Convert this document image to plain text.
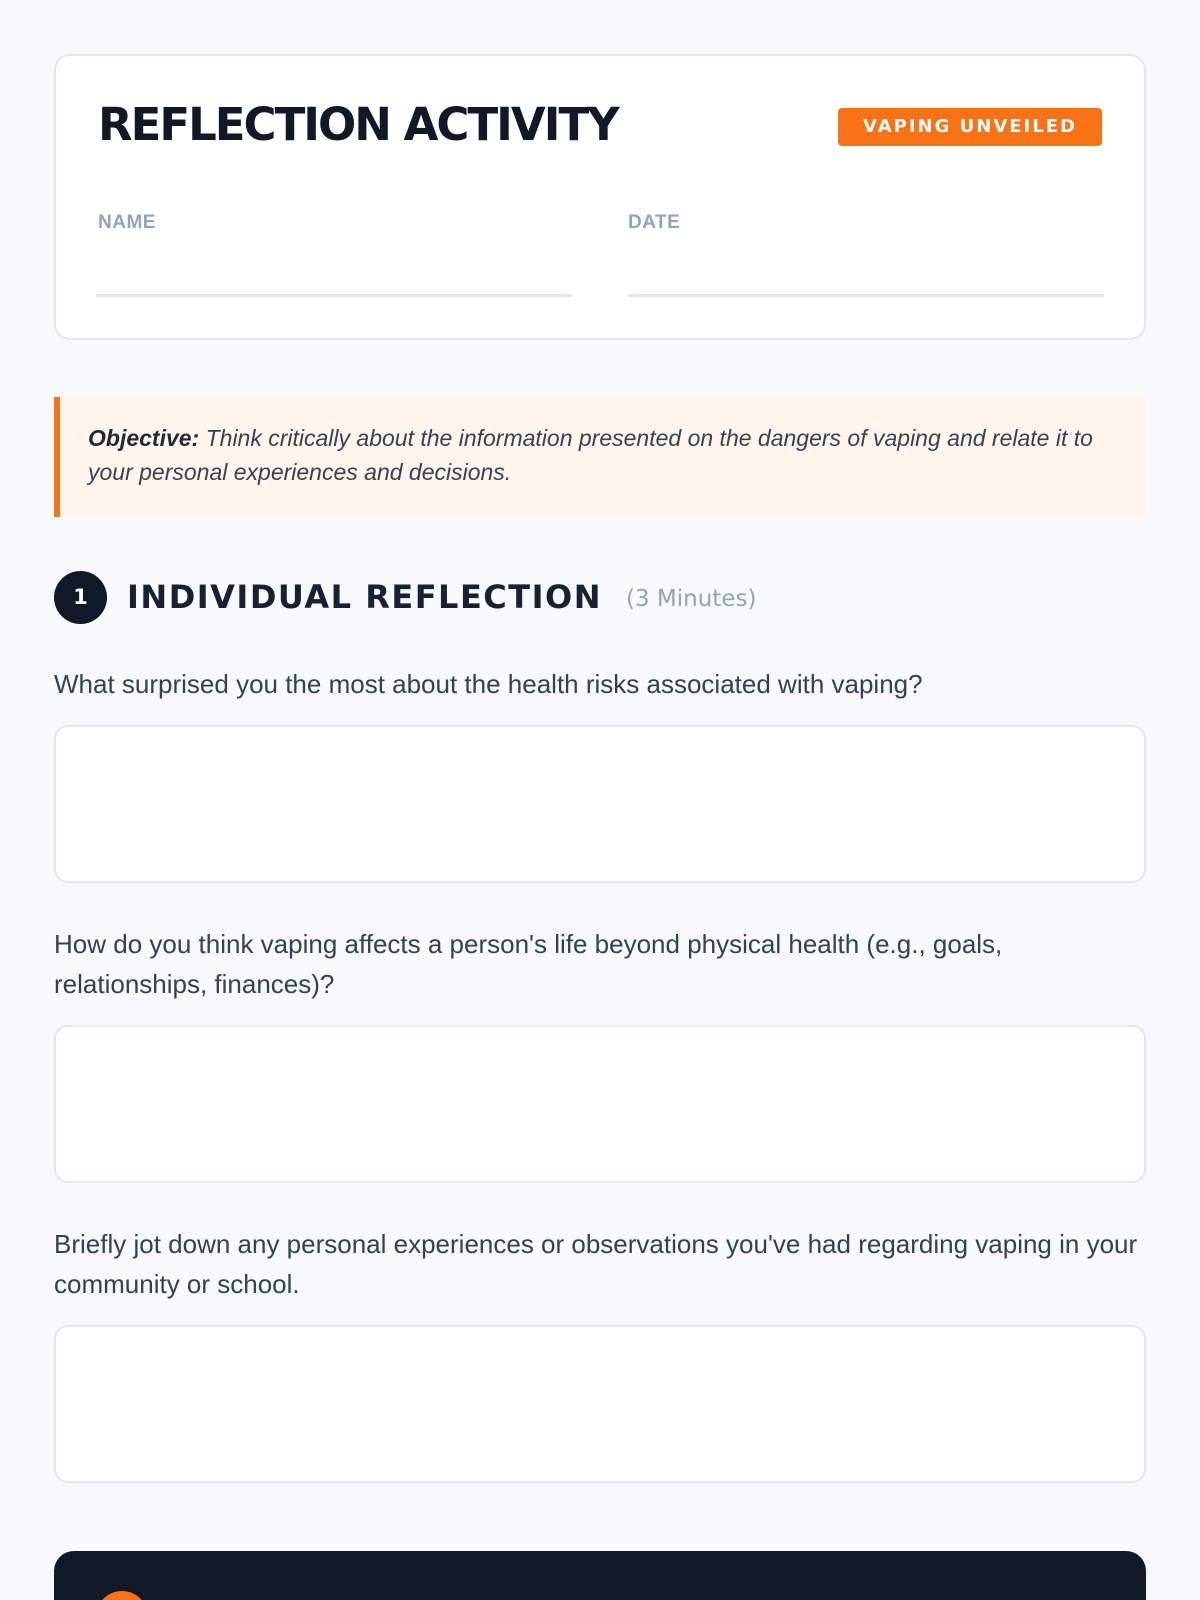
REFLECTION ACTIVITY	VAPING UNVEILED
NAME	DATE
Objective: Think critically about the information presented on the dangers of vaping and relate it to your personal experiences and decisions.
1	INDIVIDUAL REFLECTION (3 Minutes)
What surprised you the most about the health risks associated with vaping?
How do you think vaping affects a person's life beyond physical health (e.g., goals, relationships, finances)?
Briefly jot down any personal experiences or observations you've had regarding vaping in your community or school.
